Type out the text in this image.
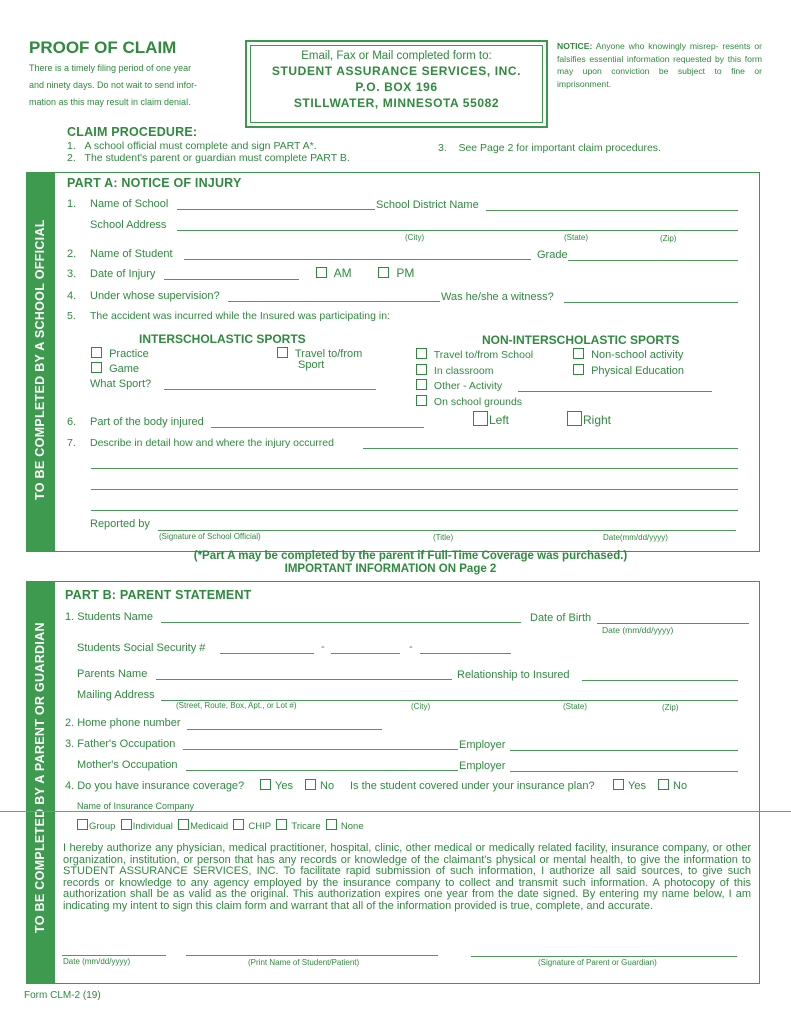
PROOF OF CLAIM
There is a timely filing period of one year
and ninety days. Do not wait to send infor-
mation as this may result in claim denial.
Email, Fax or Mail completed form to:
STUDENT ASSURANCE SERVICES, INC.
P.O. BOX 196
STILLWATER, MINNESOTA 55082
NOTICE: Anyone who knowingly misrep- resents or falsifies essential information requested by this form may upon conviction be subject to fine or imprisonment.
CLAIM PROCEDURE:
1. A school official must complete and sign PART A*.
2. The student's parent or guardian must complete PART B.
3. See Page 2 for important claim procedures.
TO BE COMPLETED BY A SCHOOL OFFICIAL
PART A: NOTICE OF INJURY
1. Name of School	School District Name
School Address
(City)	(State)	(Zip)
2. Name of Student	Grade
3. Date of Injury	AM	PM
4. Under whose supervision?	Was he/she a witness?
5. The accident was incurred while the Insured was participating in:
INTERSCHOLASTIC SPORTS
Practice
Game
Travel to/from
Sport
What Sport?
NON-INTERSCHOLASTIC SPORTS
Travel to/from School
In classroom
Other - Activity
On school grounds
Non-school activity
Physical Education
6. Part of the body injured	Left	Right
7. Describe in detail how and where the injury occurred
Reported by
(Signature of School Official)	(Title)	Date(mm/dd/yyyy)
(*Part A may be completed by the parent if Full-Time Coverage was purchased.)
IMPORTANT INFORMATION ON Page 2
TO BE COMPLETED BY A PARENT OR GUARDIAN
PART B: PARENT STATEMENT
1. Students Name	Date of Birth
Date (mm/dd/yyyy)
Students Social Security #	-	-
Parents Name	Relationship to Insured
Mailing Address
(Street, Route, Box, Apt., or Lot #)	(City)	(State)	(Zip)
2. Home phone number
3. Father's Occupation	Employer
Mother's Occupation	Employer
4. Do you have insurance coverage?	Yes	No Is the student covered under your insurance plan?	Yes	No
Name of Insurance Company
Group Individual Medicaid CHIP Tricare None
I hereby authorize any physician, medical practitioner, hospital, clinic, other medical or medically related facility, insurance company, or other organization, institution, or person that has any records or knowledge of the claimant's physical or mental health, to give the information to STUDENT ASSURANCE SERVICES, INC. To facilitate rapid submission of such information, I authorize all said sources, to give such records or knowledge to any agency employed by the insurance company to collect and transmit such information. A photocopy of this authorization shall be as valid as the original. This authorization expires one year from the date signed. By entering my name below, I am indicating my intent to sign this claim form and warrant that all of the information provided is true, complete, and accurate.
Date (mm/dd/yyyy)	(Print Name of Student/Patient)	(Signature of Parent or Guardian)
Form CLM-2 (19)
